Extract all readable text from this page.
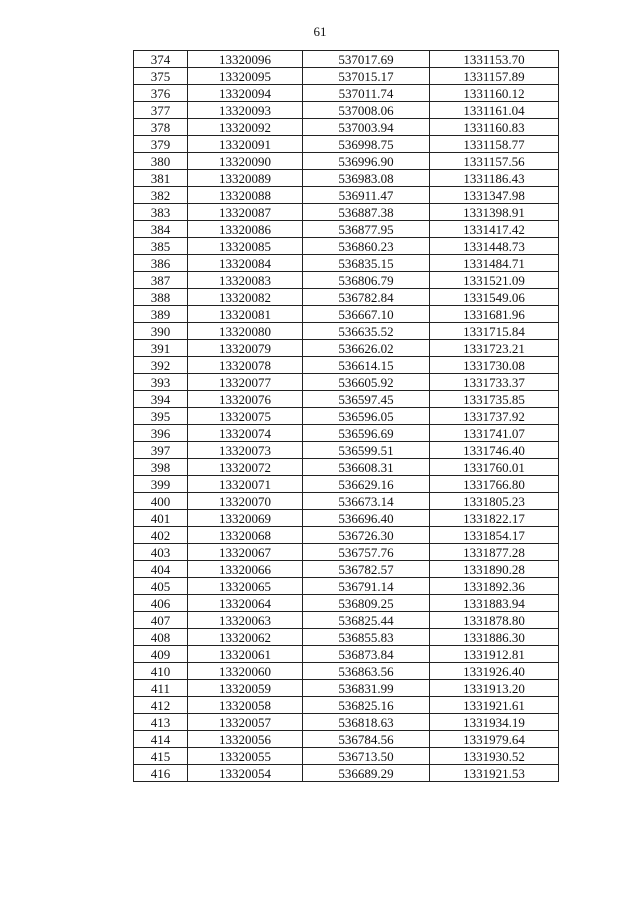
61
374	13320096	537017.69	1331153.70
375	13320095	537015.17	1331157.89
376	13320094	537011.74	1331160.12
377	13320093	537008.06	1331161.04
378	13320092	537003.94	1331160.83
379	13320091	536998.75	1331158.77
380	13320090	536996.90	1331157.56
381	13320089	536983.08	1331186.43
382	13320088	536911.47	1331347.98
383	13320087	536887.38	1331398.91
384	13320086	536877.95	1331417.42
385	13320085	536860.23	1331448.73
386	13320084	536835.15	1331484.71
387	13320083	536806.79	1331521.09
388	13320082	536782.84	1331549.06
389	13320081	536667.10	1331681.96
390	13320080	536635.52	1331715.84
391	13320079	536626.02	1331723.21
392	13320078	536614.15	1331730.08
393	13320077	536605.92	1331733.37
394	13320076	536597.45	1331735.85
395	13320075	536596.05	1331737.92
396	13320074	536596.69	1331741.07
397	13320073	536599.51	1331746.40
398	13320072	536608.31	1331760.01
399	13320071	536629.16	1331766.80
400	13320070	536673.14	1331805.23
401	13320069	536696.40	1331822.17
402	13320068	536726.30	1331854.17
403	13320067	536757.76	1331877.28
404	13320066	536782.57	1331890.28
405	13320065	536791.14	1331892.36
406	13320064	536809.25	1331883.94
407	13320063	536825.44	1331878.80
408	13320062	536855.83	1331886.30
409	13320061	536873.84	1331912.81
410	13320060	536863.56	1331926.40
411	13320059	536831.99	1331913.20
412	13320058	536825.16	1331921.61
413	13320057	536818.63	1331934.19
414	13320056	536784.56	1331979.64
415	13320055	536713.50	1331930.52
416	13320054	536689.29	1331921.53
